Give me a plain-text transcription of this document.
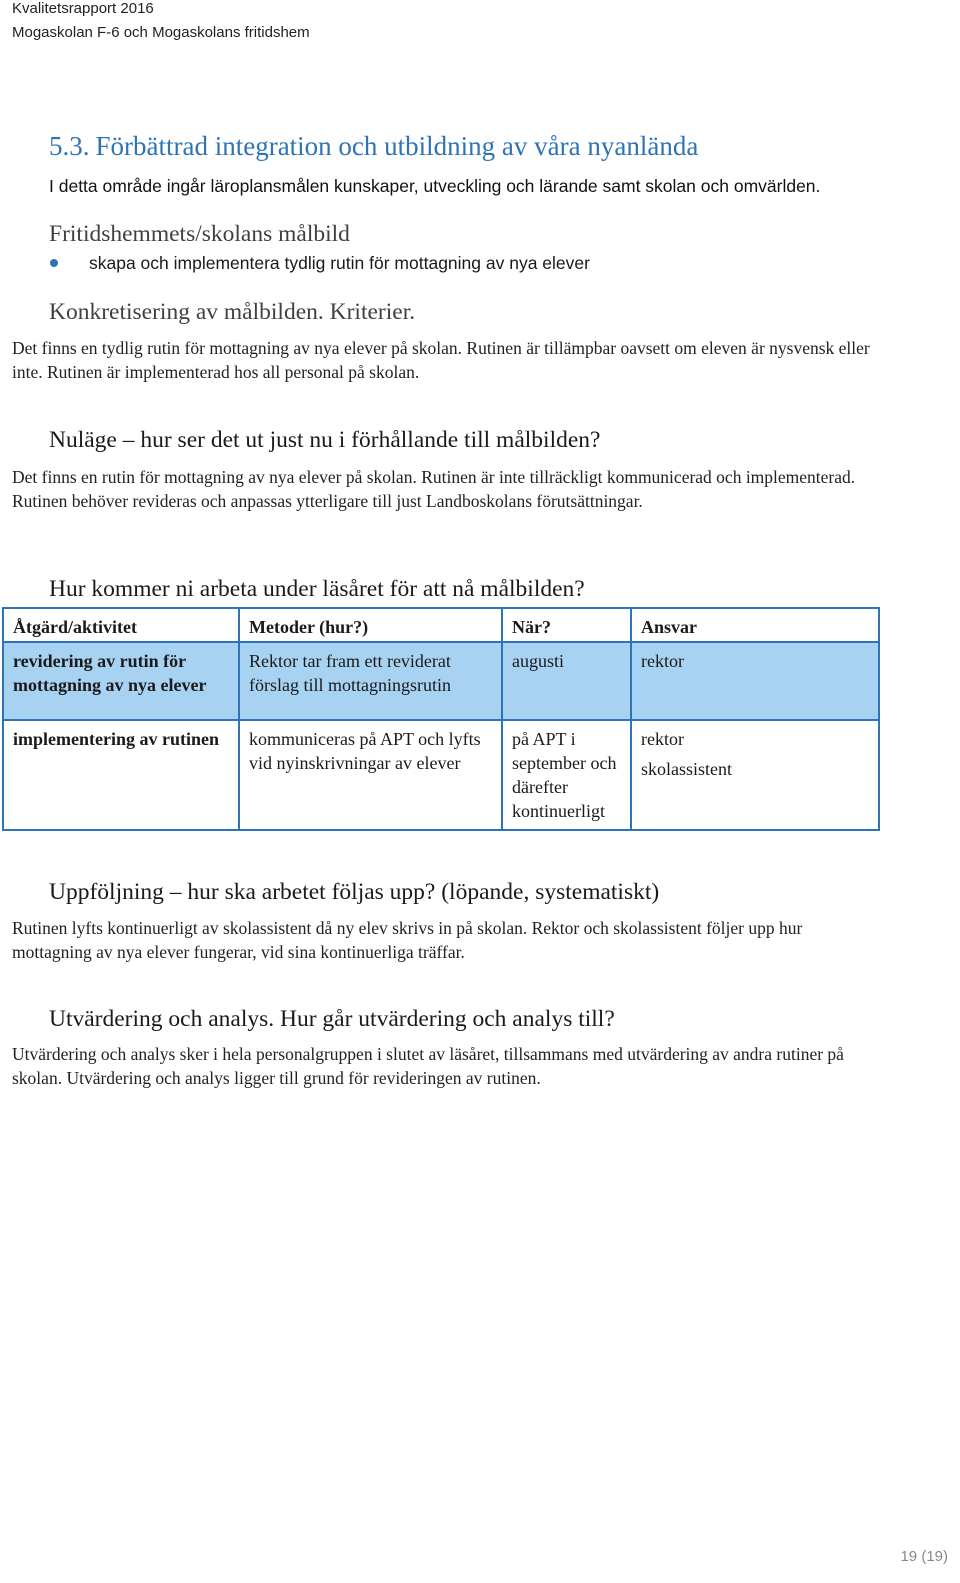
Kvalitetsrapport 2016
Mogaskolan F-6 och Mogaskolans fritidshem
5.3. Förbättrad integration och utbildning av våra nyanlända
I detta område ingår läroplansmålen kunskaper, utveckling och lärande samt skolan och omvärlden.
Fritidshemmets/skolans målbild
skapa och implementera tydlig rutin för mottagning av nya elever
Konkretisering av målbilden. Kriterier.
Det finns en tydlig rutin för mottagning av nya elever på skolan. Rutinen är tillämpbar oavsett om eleven är nysvensk eller inte. Rutinen är implementerad hos all personal på skolan.
Nuläge – hur ser det ut just nu i förhållande till målbilden?
Det finns en rutin för mottagning av nya elever på skolan. Rutinen är inte tillräckligt kommunicerad och implementerad. Rutinen behöver revideras och anpassas ytterligare till just Landboskolans förutsättningar.
Hur kommer ni arbeta under läsåret för att nå målbilden?
Åtgärd/aktivitet	Metoder (hur?)	När?	Ansvar
revidering av rutin för mottagning av nya elever	Rektor tar fram ett reviderat förslag till mottagningsrutin	augusti	rektor

implementering av rutinen	kommuniceras på APT och lyfts vid nyinskrivningar av elever	på APT i september och därefter kontinuerligt	rektor
skolassistent
Uppföljning – hur ska arbetet följas upp? (löpande, systematiskt)
Rutinen lyfts kontinuerligt av skolassistent då ny elev skrivs in på skolan. Rektor och skolassistent följer upp hur mottagning av nya elever fungerar, vid sina kontinuerliga träffar.
Utvärdering och analys. Hur går utvärdering och analys till?
Utvärdering och analys sker i hela personalgruppen i slutet av läsåret, tillsammans med utvärdering av andra rutiner på skolan. Utvärdering och analys ligger till grund för revideringen av rutinen.
19 (19)
